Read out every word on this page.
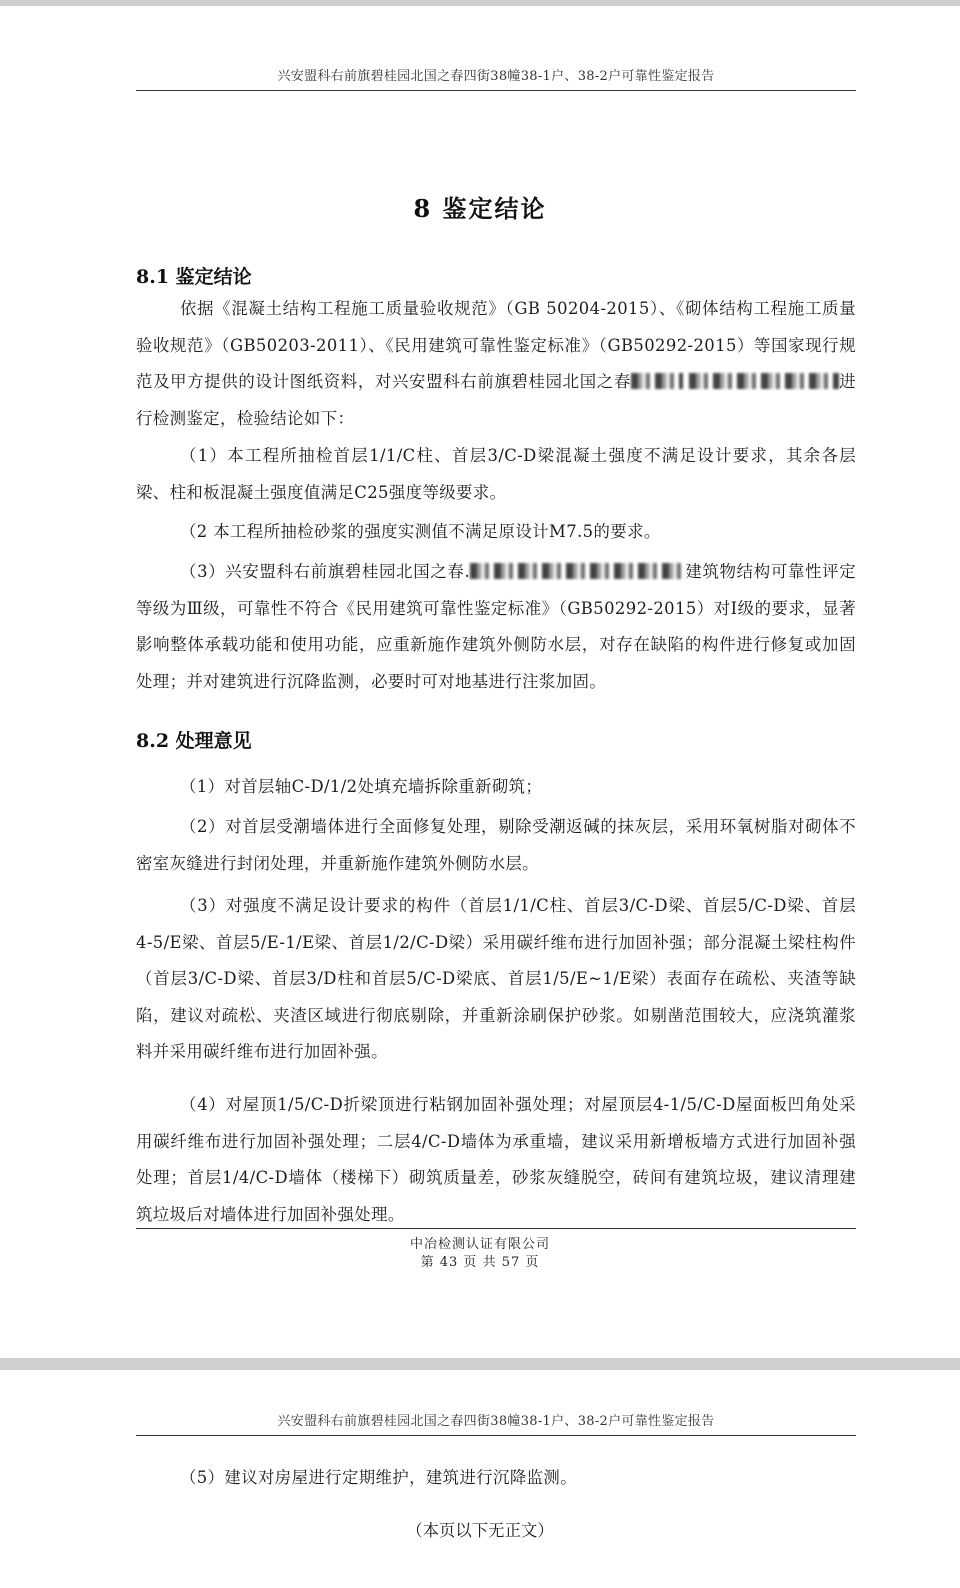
兴安盟科右前旗碧桂园北国之春四街38幢38-1户、38-2户可靠性鉴定报告
8 鉴定结论
8.1 鉴定结论
依据《混凝土结构工程施工质量验收规范》（GB 50204-2015）、《砌体结构工程施工质量验收规范》（GB50203-2011）、《民用建筑可靠性鉴定标准》（GB50292-2015）等国家现行规范及甲方提供的设计图纸资料，对兴安盟科右前旗碧桂园北国之春	进行检测鉴定，检验结论如下：
（1）本工程所抽检首层1/1/C柱、首层3/C-D梁混凝土强度不满足设计要求，其余各层梁、柱和板混凝土强度值满足C25强度等级要求。
（2 本工程所抽检砂浆的强度实测值不满足原设计M7.5的要求。
（3）兴安盟科右前旗碧桂园北国之春.	建筑物结构可靠性评定等级为Ⅲ级，可靠性不符合《民用建筑可靠性鉴定标准》（GB50292-2015）对Ⅰ级的要求，显著影响整体承载功能和使用功能，应重新施作建筑外侧防水层，对存在缺陷的构件进行修复或加固处理；并对建筑进行沉降监测，必要时可对地基进行注浆加固。
8.2 处理意见
（1）对首层轴C-D/1/2处填充墙拆除重新砌筑；
（2）对首层受潮墙体进行全面修复处理，剔除受潮返碱的抹灰层，采用环氧树脂对砌体不密室灰缝进行封闭处理，并重新施作建筑外侧防水层。
（3）对强度不满足设计要求的构件（首层1/1/C柱、首层3/C-D梁、首层5/C-D梁、首层4-5/E梁、首层5/E-1/E梁、首层1/2/C-D梁）采用碳纤维布进行加固补强；部分混凝土梁柱构件（首层3/C-D梁、首层3/D柱和首层5/C-D梁底、首层1/5/E~1/E梁）表面存在疏松、夹渣等缺陷，建议对疏松、夹渣区域进行彻底剔除，并重新涂刷保护砂浆。如剔凿范围较大，应浇筑灌浆料并采用碳纤维布进行加固补强。
（4）对屋顶1/5/C-D折梁顶进行粘钢加固补强处理；对屋顶层4-1/5/C-D屋面板凹角处采用碳纤维布进行加固补强处理；二层4/C-D墙体为承重墙，建议采用新增板墙方式进行加固补强处理；首层1/4/C-D墙体（楼梯下）砌筑质量差，砂浆灰缝脱空，砖间有建筑垃圾，建议清理建筑垃圾后对墙体进行加固补强处理。
中冶检测认证有限公司
第 43 页 共 57 页
兴安盟科右前旗碧桂园北国之春四街38幢38-1户、38-2户可靠性鉴定报告
（5）建议对房屋进行定期维护，建筑进行沉降监测。
（本页以下无正文）
